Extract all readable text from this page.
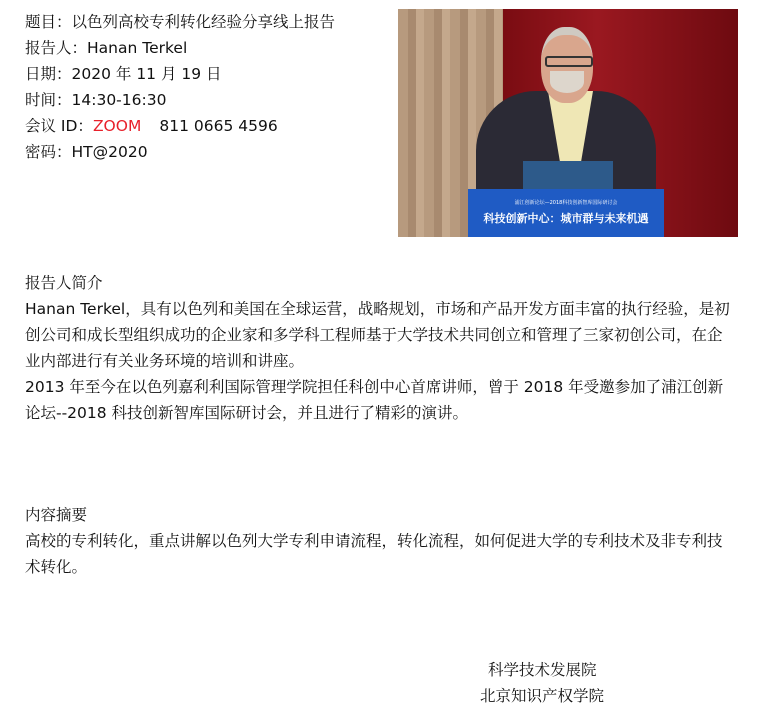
题目：以色列高校专利转化经验分享线上报告
报告人：Hanan Terkel
日期：2020 年 11 月 19 日
时间：14:30-16:30
会议 ID：ZOOM 811 0665 4596
密码：HT@2020
浦江创新论坛—2018科技创新智库国际研讨会
科技创新中心：城市群与未来机遇
报告人简介
Hanan Terkel，具有以色列和美国在全球运营，战略规划，市场和产品开发方面丰富的执行经验，是初创公司和成长型组织成功的企业家和多学科工程师基于大学技术共同创立和管理了三家初创公司，在企业内部进行有关业务环境的培训和讲座。
2013 年至今在以色列嘉利利国际管理学院担任科创中心首席讲师，曾于 2018 年受邀参加了浦江创新论坛--2018 科技创新智库国际研讨会，并且进行了精彩的演讲。
内容摘要
高校的专利转化，重点讲解以色列大学专利申请流程，转化流程，如何促进大学的专利技术及非专利技术转化。
科学技术发展院
北京知识产权学院
